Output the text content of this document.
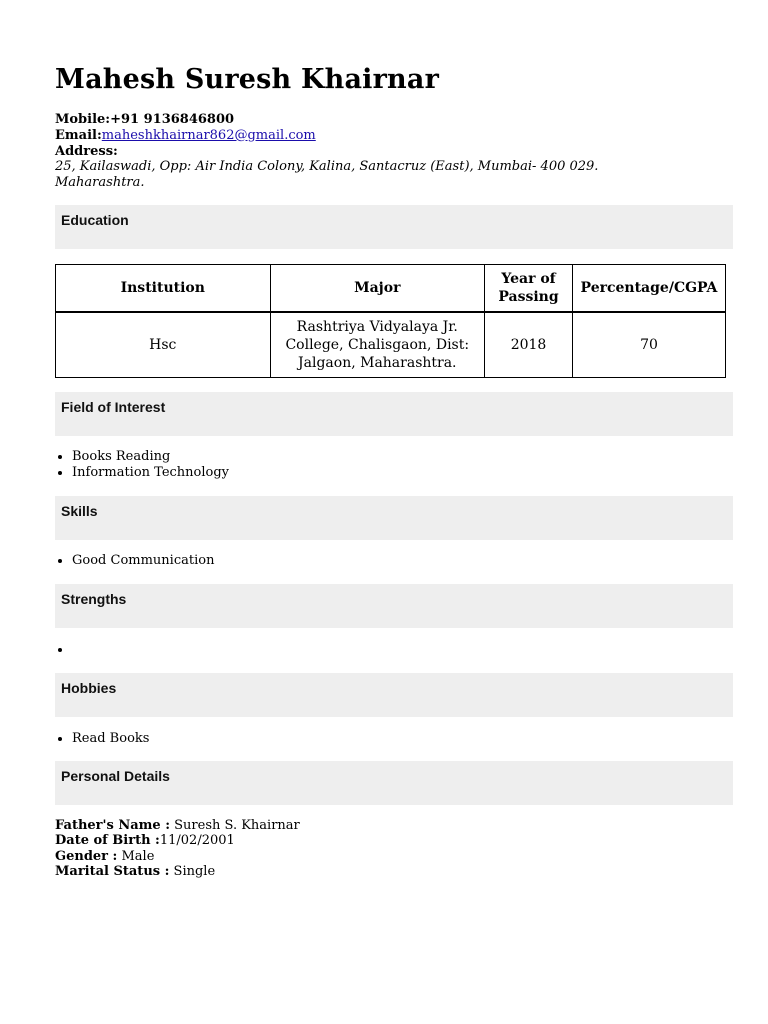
Mahesh Suresh Khairnar
Mobile:+91 9136846800
Email:maheshkhairnar862@gmail.com
Address:
25, Kailaswadi, Opp: Air India Colony, Kalina, Santacruz (East), Mumbai- 400 029.
Maharashtra.
Education
Institution	Major	Year of Passing	Percentage/CGPA
Hsc	Rashtriya Vidyalaya Jr. College, Chalisgaon, Dist: Jalgaon, Maharashtra.	2018	70
Field of Interest
• Books Reading
• Information Technology
Skills
• Good Communication
Strengths
•
Hobbies
• Read Books
Personal Details
Father's Name : Suresh S. Khairnar
Date of Birth :11/02/2001
Gender : Male
Marital Status : Single
